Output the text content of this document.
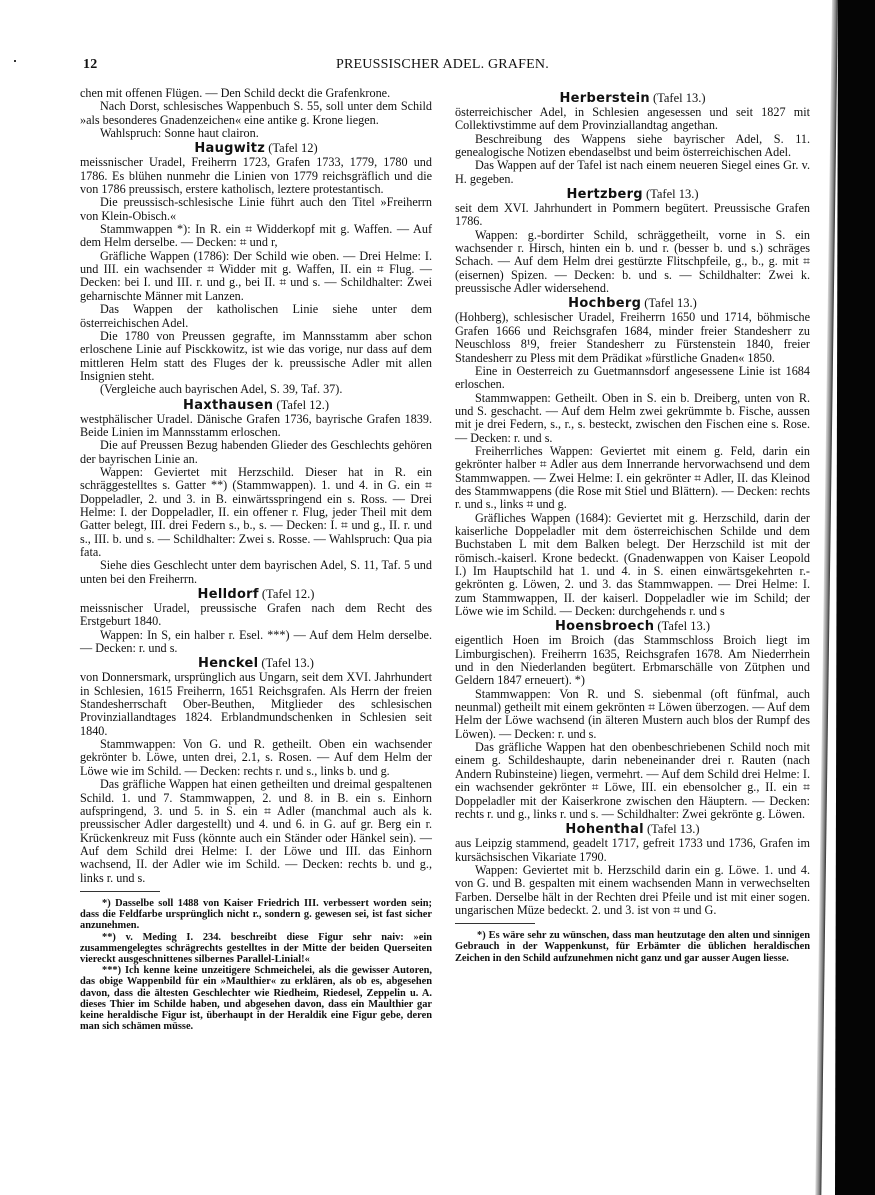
12	PREUSSISCHER ADEL. GRAFEN.

chen mit offenen Flügen. — Den Schild deckt die Grafenkrone.

Nach Dorst, schlesisches Wappenbuch S. 55, soll unter dem Schild »als besonderes Gnadenzeichen« eine antike g. Krone liegen.

Wahlspruch: Sonne haut clairon.

Haugwitz (Tafel 12)

meissnischer Uradel, Freiherrn 1723, Grafen 1733, 1779, 1780 und 1786. Es blühen nunmehr die Linien von 1779 reichsgräflich und die von 1786 preussisch, erstere katholisch, leztere protestantisch.

Die preussisch-schlesische Linie führt auch den Titel »Freiherrn von Klein-Obisch.«

Stammwappen *): In R. ein ⌗ Widderkopf mit g. Waffen. — Auf dem Helm derselbe. — Decken: ⌗ und r,

Gräfliche Wappen (1786): Der Schild wie oben. — Drei Helme: I. und III. ein wachsender ⌗ Widder mit g. Waffen, II. ein ⌗ Flug. — Decken: bei I. und III. r. und g., bei II. ⌗ und s. — Schildhalter: Zwei geharnischte Männer mit Lanzen.

Das Wappen der katholischen Linie siehe unter dem österreichischen Adel.

Die 1780 von Preussen gegrafte, im Mannsstamm aber schon erloschene Linie auf Pisckkowitz, ist wie das vorige, nur dass auf dem mittleren Helm statt des Fluges der k. preussische Adler mit allen Insignien steht.

(Vergleiche auch bayrischen Adel, S. 39, Taf. 37).

Haxthausen (Tafel 12.)

westphälischer Uradel. Dänische Grafen 1736, bayrische Grafen 1839. Beide Linien im Mannsstamm erloschen.

Die auf Preussen Bezug habenden Glieder des Geschlechts gehören der bayrischen Linie an.

Wappen: Geviertet mit Herzschild. Dieser hat in R. ein schräggestelltes s. Gatter **) (Stammwappen). 1. und 4. in G. ein ⌗ Doppeladler, 2. und 3. in B. einwärtsspringend ein s. Ross. — Drei Helme: I. der Doppeladler, II. ein offener r. Flug, jeder Theil mit dem Gatter belegt, III. drei Federn s., b., s. — Decken: I. ⌗ und g., II. r. und s., III. b. und s. — Schildhalter: Zwei s. Rosse. — Wahlspruch: Qua pia fata.

Siehe dies Geschlecht unter dem bayrischen Adel, S. 11, Taf. 5 und unten bei den Freiherrn.

Helldorf (Tafel 12.)

meissnischer Uradel, preussische Grafen nach dem Recht des Erstgeburt 1840.

Wappen: In S, ein halber r. Esel. ***) — Auf dem Helm derselbe. — Decken: r. und s.

Henckel (Tafel 13.)

von Donnersmark, ursprünglich aus Ungarn, seit dem XVI. Jahrhundert in Schlesien, 1615 Freiherrn, 1651 Reichsgrafen. Als Herrn der freien Standesherrschaft Ober-Beuthen, Mitglieder des schlesischen Provinziallandtages 1824. Erblandmundschenken in Schlesien seit 1840.

Stammwappen: Von G. und R. getheilt. Oben ein wachsender gekrönter b. Löwe, unten drei, 2.1, s. Rosen. — Auf dem Helm der Löwe wie im Schild. — Decken: rechts r. und s., links b. und g.

Das gräfliche Wappen hat einen getheilten und dreimal gespaltenen Schild. 1. und 7. Stammwappen, 2. und 8. in B. ein s. Einhorn aufspringend, 3. und 5. in S. ein ⌗ Adler (manchmal auch als k. preussischer Adler dargestellt) und 4. und 6. in G. auf gr. Berg ein r. Krückenkreuz mit Fuss (könnte auch ein Ständer oder Hänkel sein). — Auf dem Schild drei Helme: I. der Löwe und III. das Einhorn wachsend, II. der Adler wie im Schild. — Decken: rechts b. und g., links r. und s.

*) Dasselbe soll 1488 von Kaiser Friedrich III. verbessert worden sein; dass die Feldfarbe ursprünglich nicht r., sondern g. gewesen sei, ist fast sicher anzunehmen.

**) v. Meding I. 234. beschreibt diese Figur sehr naiv: »ein zusammengelegtes schrägrechts gestelltes in der Mitte der beiden Querseiten viereckt ausgeschnittenes silbernes Parallel-Linial!«

***) Ich kenne keine unzeitigere Schmeichelei, als die gewisser Autoren, das obige Wappenbild für ein »Maulthier« zu erklären, als ob es, abgesehen davon, dass die ältesten Geschlechter wie Riedheim, Riedesel, Zeppelin u. A. dieses Thier im Schilde haben, und abgesehen davon, dass ein Maulthier gar keine heraldische Figur ist, überhaupt in der Heraldik eine Figur gebe, deren man sich schämen müsse.

Herberstein (Tafel 13.)

österreichischer Adel, in Schlesien angesessen und seit 1827 mit Collektivstimme auf dem Provinziallandtag angethan.

Beschreibung des Wappens siehe bayrischer Adel, S. 11. genealogische Notizen ebendaselbst und beim österreichischen Adel.

Das Wappen auf der Tafel ist nach einem neueren Siegel eines Gr. v. H. gegeben.

Hertzberg (Tafel 13.)

seit dem XVI. Jahrhundert in Pommern begütert. Preussische Grafen 1786.

Wappen: g.-bordirter Schild, schräggetheilt, vorne in S. ein wachsender r. Hirsch, hinten ein b. und r. (besser b. und s.) schräges Schach. — Auf dem Helm drei gestürzte Flitschpfeile, g., b., g. mit ⌗ (eisernen) Spizen. — Decken: b. und s. — Schildhalter: Zwei k. preussische Adler widersehend.

Hochberg (Tafel 13.)

(Hohberg), schlesischer Uradel, Freiherrn 1650 und 1714, böhmische Grafen 1666 und Reichsgrafen 1684, minder freier Standesherr zu Neuschloss 8¹9, freier Standesherr zu Fürstenstein 1840, freier Standesherr zu Pless mit dem Prädikat »fürstliche Gnaden« 1850.

Eine in Oesterreich zu Guetmannsdorf angesessene Linie ist 1684 erloschen.

Stammwappen: Getheilt. Oben in S. ein b. Dreiberg, unten von R. und S. geschacht. — Auf dem Helm zwei gekrümmte b. Fische, aussen mit je drei Federn, s., r., s. besteckt, zwischen den Fischen eine s. Rose. — Decken: r. und s.

Freiherrliches Wappen: Geviertet mit einem g. Feld, darin ein gekrönter halber ⌗ Adler aus dem Innerrande hervorwachsend und dem Stammwappen. — Zwei Helme: I. ein gekrönter ⌗ Adler, II. das Kleinod des Stammwappens (die Rose mit Stiel und Blättern). — Decken: rechts r. und s., links ⌗ und g.

Gräfliches Wappen (1684): Geviertet mit g. Herzschild, darin der kaiserliche Doppeladler mit dem österreichischen Schilde und dem Buchstaben L mit dem Balken belegt. Der Herzschild ist mit der römisch.-kaiserl. Krone bedeckt. (Gnadenwappen von Kaiser Leopold I.) Im Hauptschild hat 1. und 4. in S. einen einwärtsgekehrten r.-gekrönten g. Löwen, 2. und 3. das Stammwappen. — Drei Helme: I. zum Stammwappen, II. der kaiserl. Doppeladler wie im Schild; der Löwe wie im Schild. — Decken: durchgehends r. und s

Hoensbroech (Tafel 13.)

eigentlich Hoen im Broich (das Stammschloss Broich liegt im Limburgischen). Freiherrn 1635, Reichsgrafen 1678. Am Niederrhein und in den Niederlanden begütert. Erbmarschälle von Zütphen und Geldern 1847 erneuert). *)

Stammwappen: Von R. und S. siebenmal (oft fünfmal, auch neunmal) getheilt mit einem gekrönten ⌗ Löwen überzogen. — Auf dem Helm der Löwe wachsend (in älteren Mustern auch blos der Rumpf des Löwen). — Decken: r. und s.

Das gräfliche Wappen hat den obenbeschriebenen Schild noch mit einem g. Schildeshaupte, darin nebeneinander drei r. Rauten (nach Andern Rubinsteine) liegen, vermehrt. — Auf dem Schild drei Helme: I. ein wachsender gekrönter ⌗ Löwe, III. ein ebensolcher g., II. ein ⌗ Doppeladler mit der Kaiserkrone zwischen den Häuptern. — Decken: rechts r. und g., links r. und s. — Schildhalter: Zwei gekrönte g. Löwen.

Hohenthal (Tafel 13.)

aus Leipzig stammend, geadelt 1717, gefreit 1733 und 1736, Grafen im kursächsischen Vikariate 1790.

Wappen: Geviertet mit b. Herzschild darin ein g. Löwe. 1. und 4. von G. und B. gespalten mit einem wachsenden Mann in verwechselten Farben. Derselbe hält in der Rechten drei Pfeile und ist mit einer sogen. ungarischen Müze bedeckt. 2. und 3. ist von ⌗ und G.

*) Es wäre sehr zu wünschen, dass man heutzutage den alten und sinnigen Gebrauch in der Wappenkunst, für Erbämter die üblichen heraldischen Zeichen in den Schild aufzunehmen nicht ganz und gar ausser Augen liesse.
